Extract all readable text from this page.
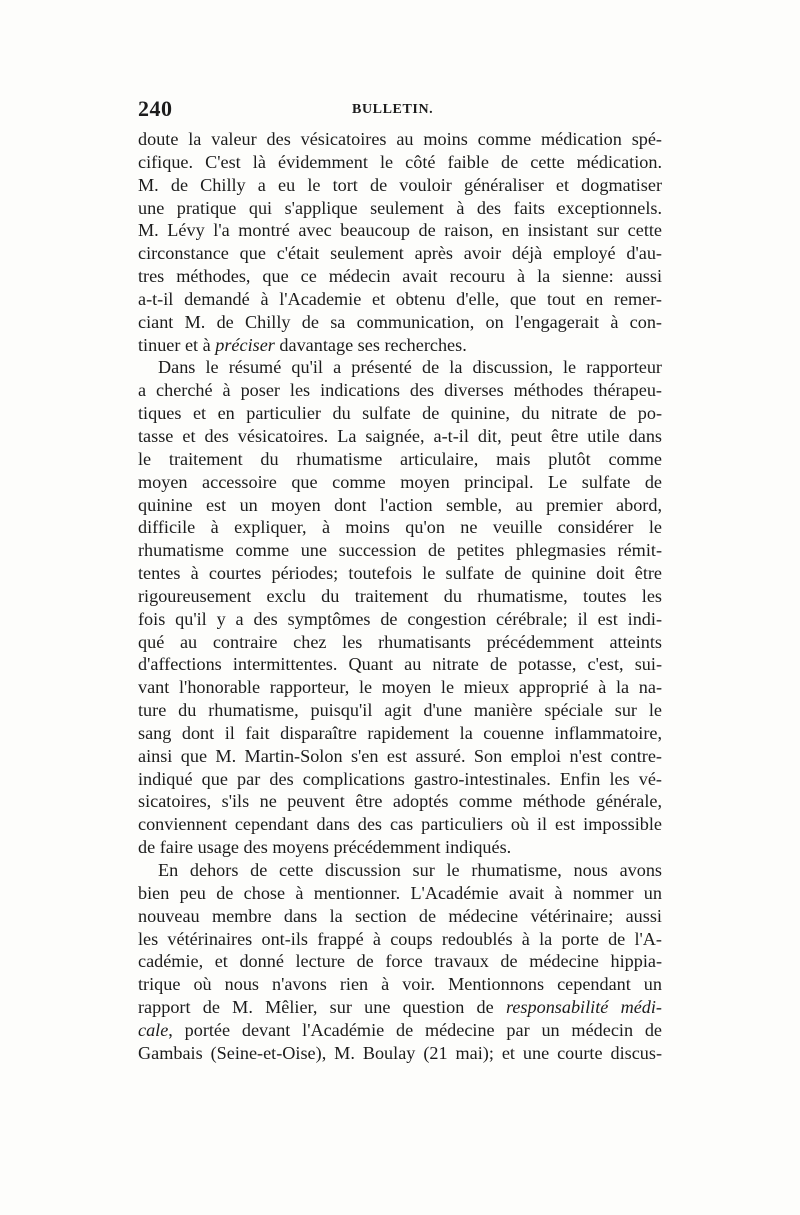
240	BULLETIN.
doute la valeur des vésicatoires au moins comme médication spé-
cifique. C'est là évidemment le côté faible de cette médication.
M. de Chilly a eu le tort de vouloir généraliser et dogmatiser
une pratique qui s'applique seulement à des faits exceptionnels.
M. Lévy l'a montré avec beaucoup de raison, en insistant sur cette
circonstance que c'était seulement après avoir déjà employé d'au-
tres méthodes, que ce médecin avait recouru à la sienne: aussi
a-t-il demandé à l'Academie et obtenu d'elle, que tout en remer-
ciant M. de Chilly de sa communication, on l'engagerait à con-
tinuer et à préciser davantage ses recherches.
Dans le résumé qu'il a présenté de la discussion, le rapporteur
a cherché à poser les indications des diverses méthodes thérapeu-
tiques et en particulier du sulfate de quinine, du nitrate de po-
tasse et des vésicatoires. La saignée, a-t-il dit, peut être utile dans
le traitement du rhumatisme articulaire, mais plutôt comme
moyen accessoire que comme moyen principal. Le sulfate de
quinine est un moyen dont l'action semble, au premier abord,
difficile à expliquer, à moins qu'on ne veuille considérer le
rhumatisme comme une succession de petites phlegmasies rémit-
tentes à courtes périodes; toutefois le sulfate de quinine doit être
rigoureusement exclu du traitement du rhumatisme, toutes les
fois qu'il y a des symptômes de congestion cérébrale; il est indi-
qué au contraire chez les rhumatisants précédemment atteints
d'affections intermittentes. Quant au nitrate de potasse, c'est, sui-
vant l'honorable rapporteur, le moyen le mieux approprié à la na-
ture du rhumatisme, puisqu'il agit d'une manière spéciale sur le
sang dont il fait disparaître rapidement la couenne inflammatoire,
ainsi que M. Martin-Solon s'en est assuré. Son emploi n'est contre-
indiqué que par des complications gastro-intestinales. Enfin les vé-
sicatoires, s'ils ne peuvent être adoptés comme méthode générale,
conviennent cependant dans des cas particuliers où il est impossible
de faire usage des moyens précédemment indiqués.
En dehors de cette discussion sur le rhumatisme, nous avons
bien peu de chose à mentionner. L'Académie avait à nommer un
nouveau membre dans la section de médecine vétérinaire; aussi
les vétérinaires ont-ils frappé à coups redoublés à la porte de l'A-
cadémie, et donné lecture de force travaux de médecine hippia-
trique où nous n'avons rien à voir. Mentionnons cependant un
rapport de M. Mêlier, sur une question de responsabilité médi-
cale, portée devant l'Académie de médecine par un médecin de
Gambais (Seine-et-Oise), M. Boulay (21 mai); et une courte discus-
